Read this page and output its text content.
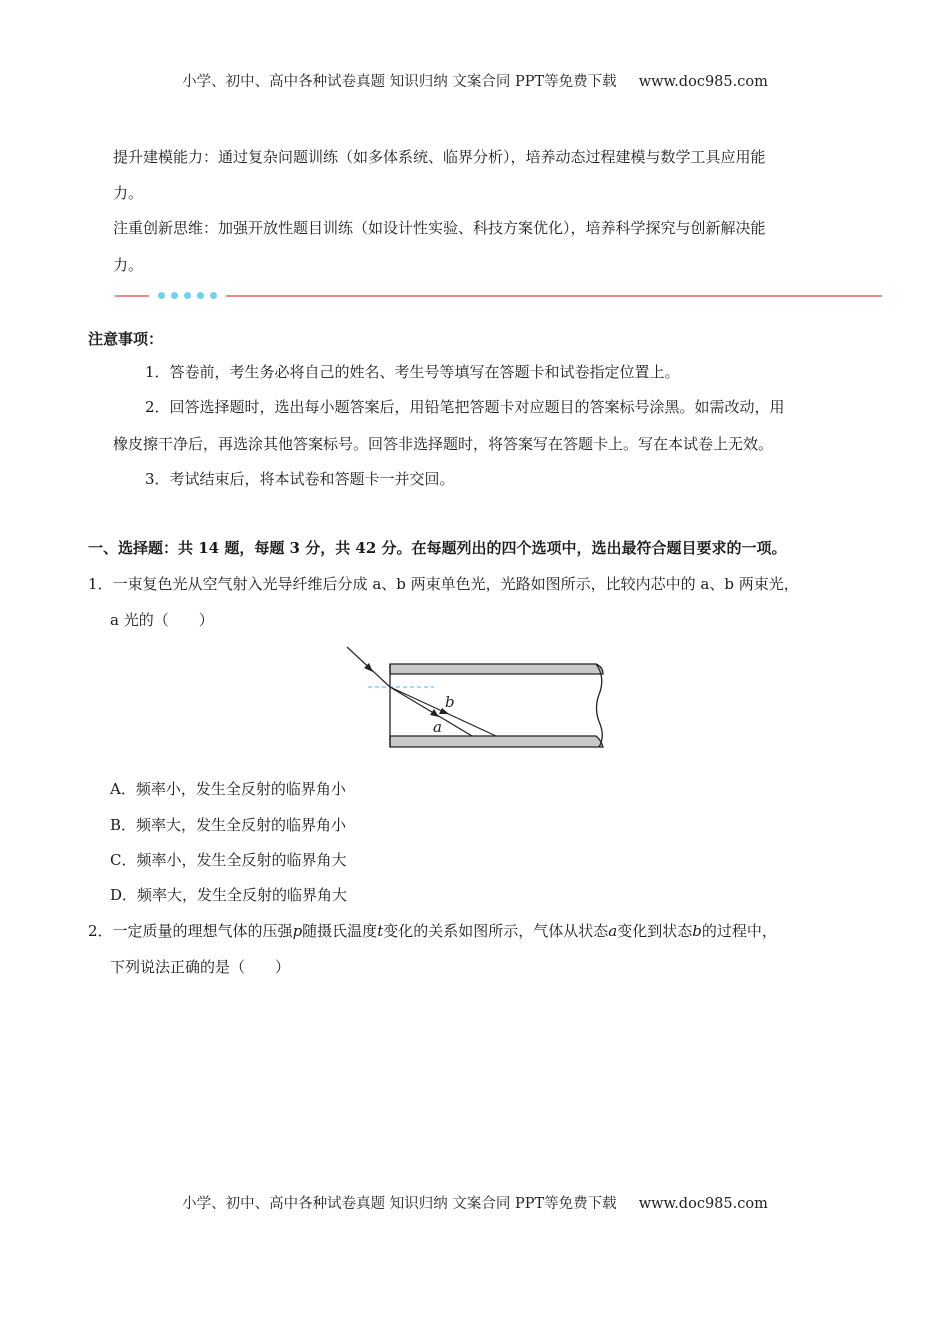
小学、初中、高中各种试卷真题 知识归纳 文案合同 PPT等免费下载 www.doc985.com
提升建模能力：通过复杂问题训练（如多体系统、临界分析），培养动态过程建模与数学工具应用能
力。
注重创新思维：加强开放性题目训练（如设计性实验、科技方案优化），培养科学探究与创新解决能
力。
注意事项：
1．答卷前，考生务必将自己的姓名、考生号等填写在答题卡和试卷指定位置上。
2．回答选择题时，选出每小题答案后，用铅笔把答题卡对应题目的答案标号涂黑。如需改动，用
橡皮擦干净后，再选涂其他答案标号。回答非选择题时，将答案写在答题卡上。写在本试卷上无效。
3．考试结束后，将本试卷和答题卡一并交回。
一、选择题：共 14 题，每题 3 分，共 42 分。在每题列出的四个选项中，选出最符合题目要求的一项。
1．一束复色光从空气射入光导纤维后分成 a、b 两束单色光，光路如图所示，比较内芯中的 a、b 两束光，
a 光的（　　）
b
a
A．频率小，发生全反射的临界角小
B．频率大，发生全反射的临界角小
C．频率小，发生全反射的临界角大
D．频率大，发生全反射的临界角大
2．一定质量的理想气体的压强p随摄氏温度t变化的关系如图所示，气体从状态a变化到状态b的过程中，
下列说法正确的是（　　）
小学、初中、高中各种试卷真题 知识归纳 文案合同 PPT等免费下载 www.doc985.com
